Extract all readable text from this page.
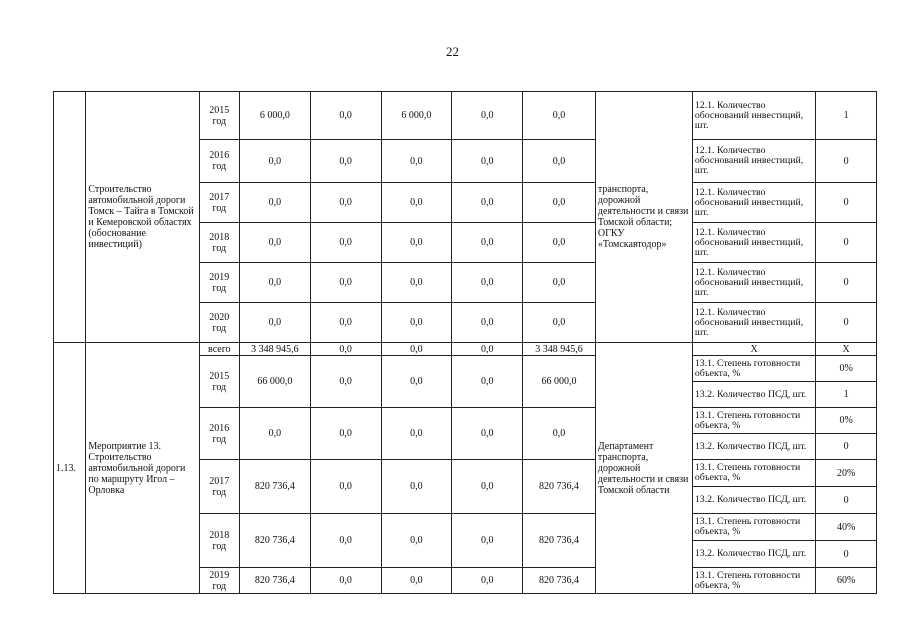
22
	Строительство автомобильной дороги Томск – Тайга в Томской и Кемеровской областях (обоснование инвестиций)	2015 год	6 000,0	0,0	6 000,0	0,0	0,0	транспорта, дорожной деятельности и связи Томской области; ОГКУ «Томскавтодор»	12.1. Количество обоснований инвестиций, шт.	1
		2016 год	0,0	0,0	0,0	0,0	0,0		12.1. Количество обоснований инвестиций, шт.	0
		2017 год	0,0	0,0	0,0	0,0	0,0		12.1. Количество обоснований инвестиций, шт.	0
		2018 год	0,0	0,0	0,0	0,0	0,0		12.1. Количество обоснований инвестиций, шт.	0
		2019 год	0,0	0,0	0,0	0,0	0,0		12.1. Количество обоснований инвестиций, шт.	0
		2020 год	0,0	0,0	0,0	0,0	0,0		12.1. Количество обоснований инвестиций, шт.	0
1.13.	Мероприятие 13. Строительство автомобильной дороги по маршруту Игол – Орловка	всего	3 348 945,6	0,0	0,0	0,0	3 348 945,6	Департамент транспорта, дорожной деятельности и связи Томской области	X	X
		2015 год	66 000,0	0,0	0,0	0,0	66 000,0		13.1. Степень готовности объекта, %	0%
									13.2. Количество ПСД, шт.	1
		2016 год	0,0	0,0	0,0	0,0	0,0		13.1. Степень готовности объекта, %	0%
									13.2. Количество ПСД, шт.	0
		2017 год	820 736,4	0,0	0,0	0,0	820 736,4		13.1. Степень готовности объекта, %	20%
									13.2. Количество ПСД, шт.	0
		2018 год	820 736,4	0,0	0,0	0,0	820 736,4		13.1. Степень готовности объекта, %	40%
									13.2. Количество ПСД, шт.	0
		2019 год	820 736,4	0,0	0,0	0,0	820 736,4		13.1. Степень готовности объекта, %	60%
